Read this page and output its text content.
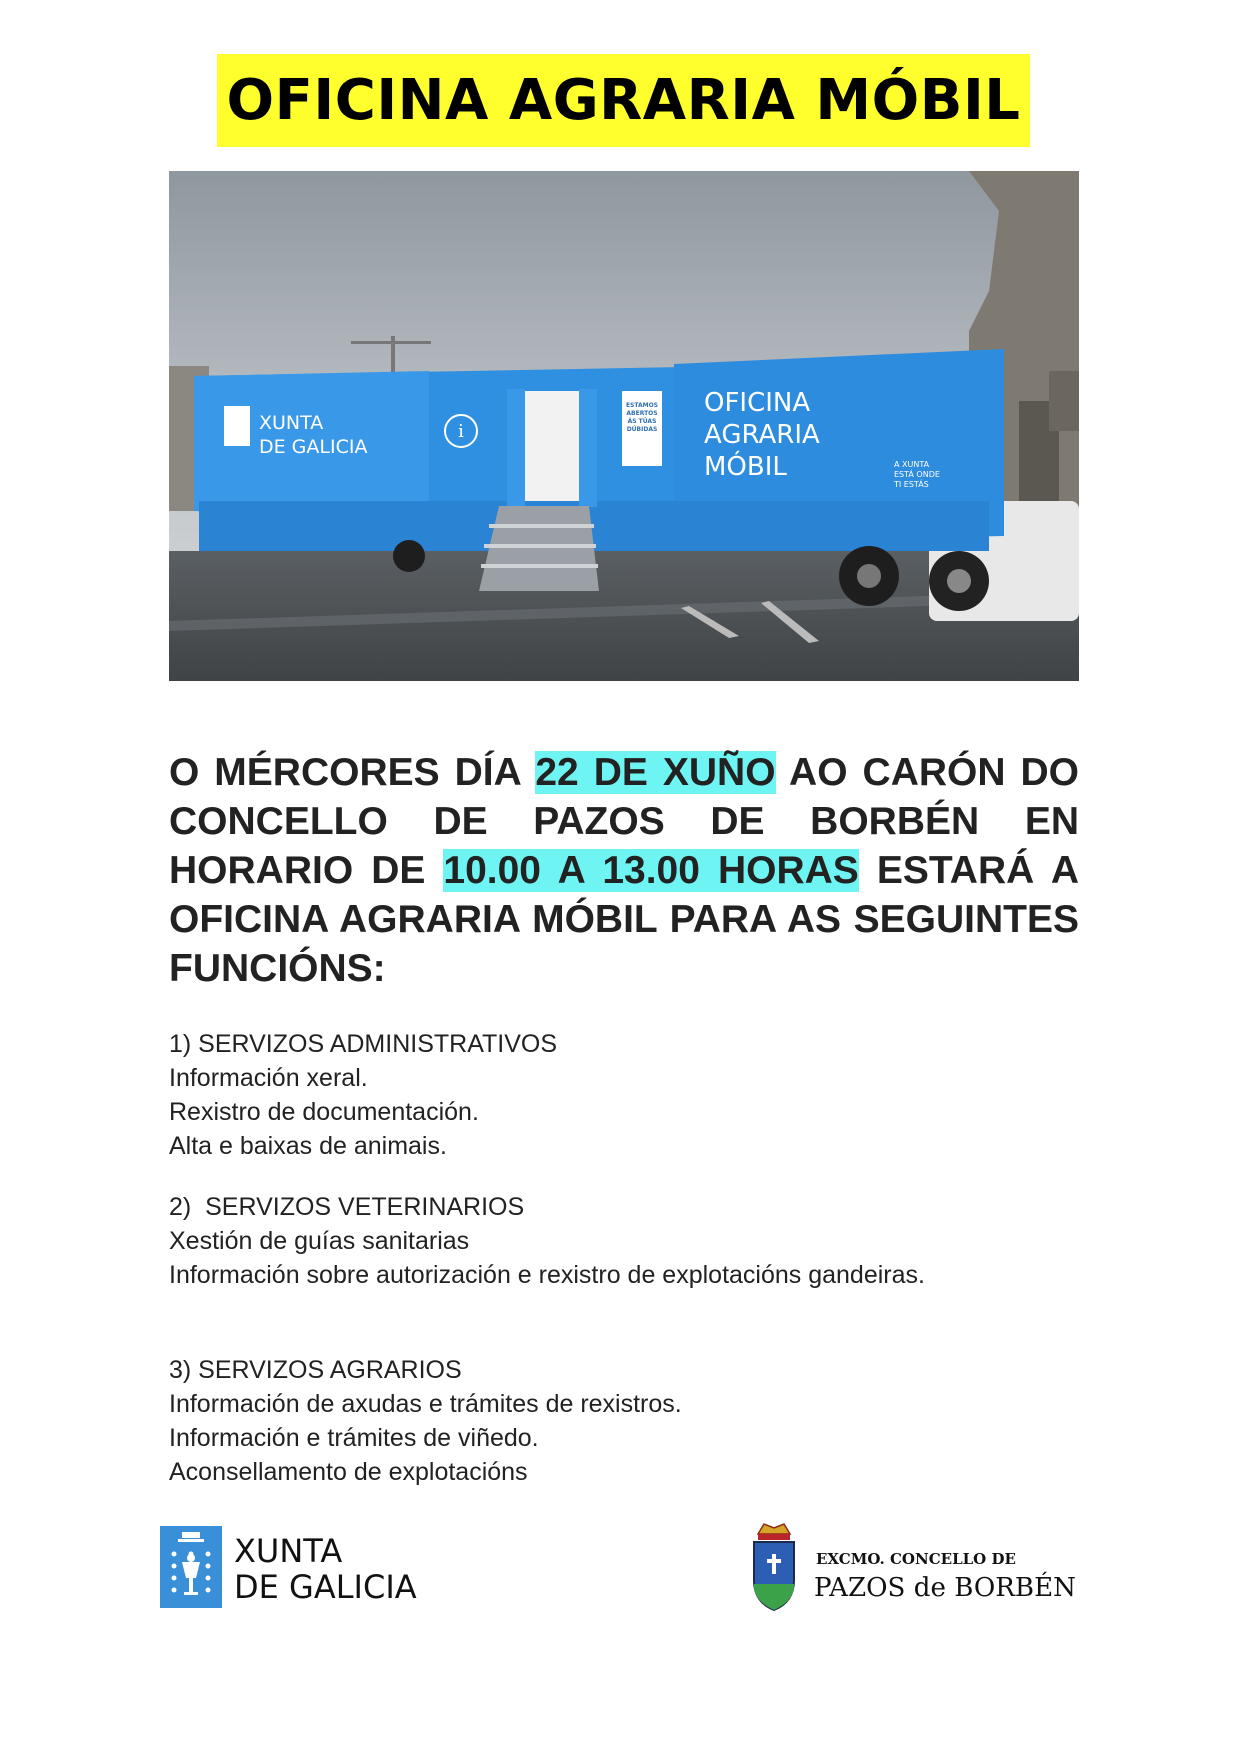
OFICINA AGRARIA MÓBIL
i
XUNTA
DE GALICIA
OFICINA
AGRARIA
MÓBIL	A XUNTA
ESTÁ ONDE
TI ESTÁS
ESTAMOS
ABERTOS
ÁS TÚAS
DÚBIDAS
O MÉRCORES DÍA 22 DE XUÑO AO CARÓN DO CONCELLO DE PAZOS DE BORBÉN EN HORARIO DE 10.00 A 13.00 HORAS ESTARÁ A OFICINA AGRARIA MÓBIL PARA AS SEGUINTES FUNCIÓNS:
1) SERVIZOS ADMINISTRATIVOS
Información xeral.
Rexistro de documentación.
Alta e baixas de animais.
2)  SERVIZOS VETERINARIOS
Xestión de guías sanitarias
Información sobre autorización e rexistro de explotacións gandeiras.
3) SERVIZOS AGRARIOS
Información de axudas e trámites de rexistros.
Información e trámites de viñedo.
Aconsellamento de explotacións
XUNTA
DE GALICIA
EXCMO. CONCELLO DE
PAZOS de BORBÉN
